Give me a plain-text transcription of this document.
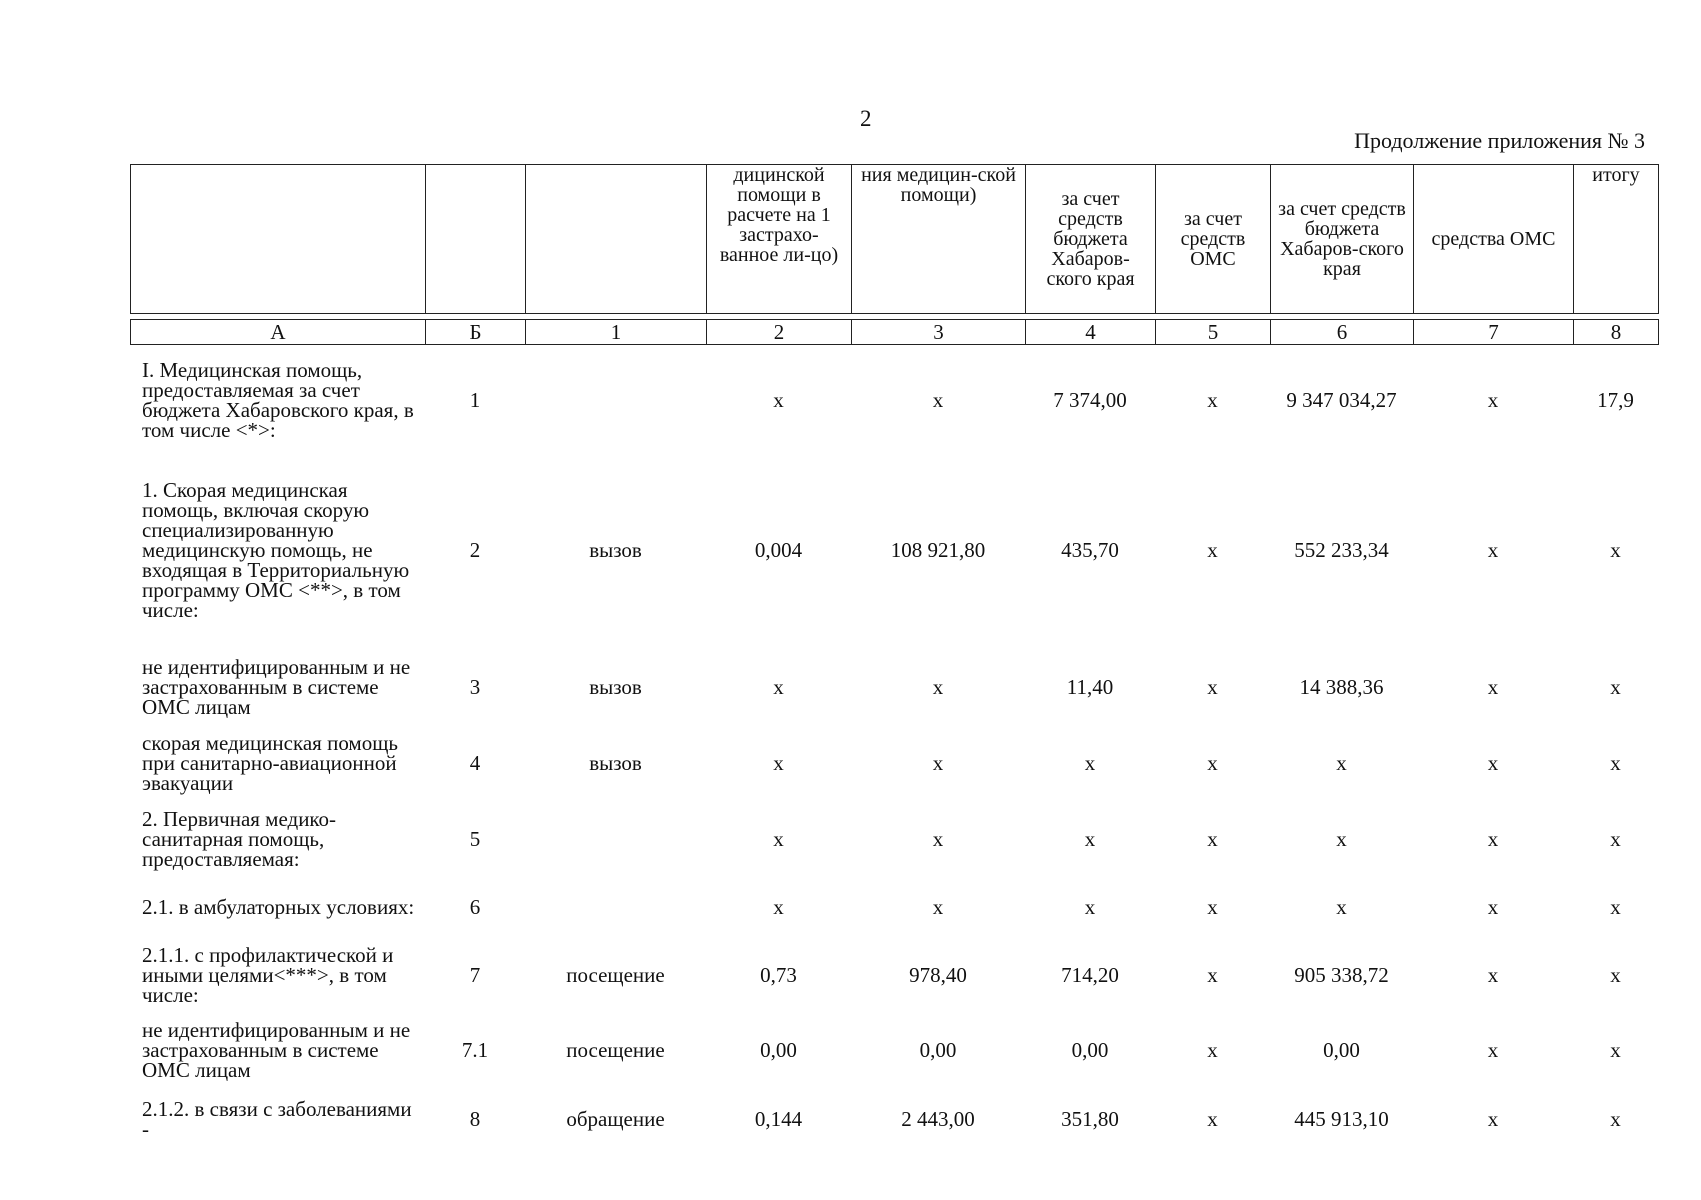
2
Продолжение приложения № 3
			дицинской помощи в расчете на 1 застрахо-ванное ли-цо)	ния медицин-ской помощи)	за счет средств бюджета Хабаров-ского края	за счет средств ОМС	за счет средств бюджета Хабаров-ского края	средства ОМС	итогу

А	Б	1	2	3	4	5	6	7	8
I. Медицинская помощь, предоставляемая за счет бюджета Хабаровского края, в том числе <*>:	1		x	x	7 374,00	x	9 347 034,27	x	17,9
1. Скорая медицинская помощь, включая скорую специализированную медицинскую помощь, не входящая в Территориальную программу ОМС <**>, в том числе:	2	вызов	0,004	108 921,80	435,70	x	552 233,34	x	x
не идентифицированным и не застрахованным в системе ОМС лицам	3	вызов	x	x	11,40	x	14 388,36	x	x
скорая медицинская помощь при санитарно-авиационной эвакуации	4	вызов	x	x	x	x	x	x	x
2. Первичная медико-санитарная помощь, предоставляемая:	5		x	x	x	x	x	x	x
2.1. в амбулаторных условиях:	6		x	x	x	x	x	x	x
2.1.1. с профилактической и иными целями<***>, в том числе:	7	посещение	0,73	978,40	714,20	x	905 338,72	x	x
не идентифицированным и не застрахованным в системе ОМС лицам	7.1	посещение	0,00	0,00	0,00	x	0,00	x	x
2.1.2. в связи с заболеваниями -	8	обращение	0,144	2 443,00	351,80	x	445 913,10	x	x
